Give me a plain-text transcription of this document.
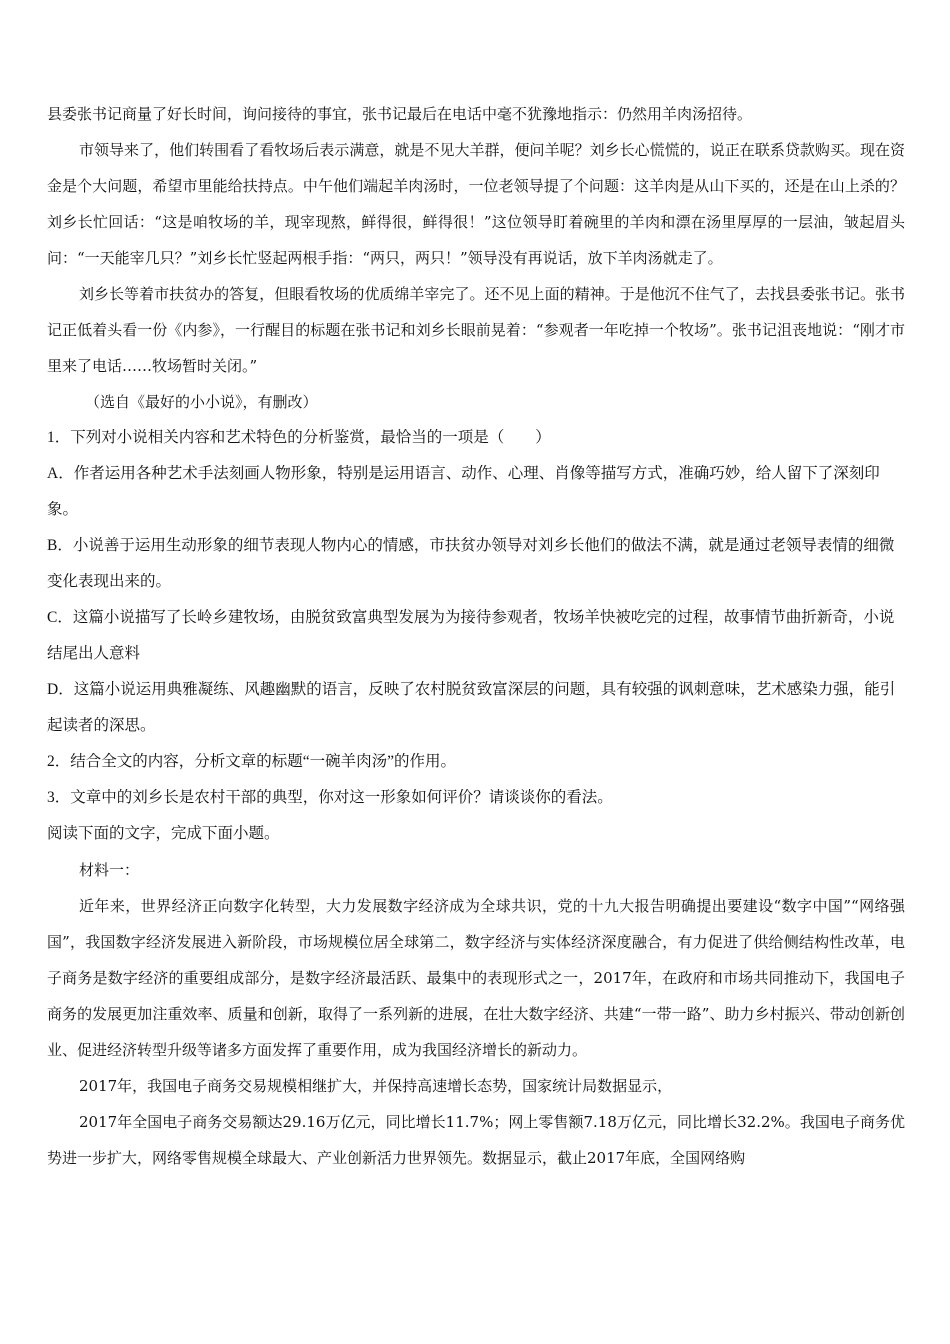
县委张书记商量了好长时间，询问接待的事宜，张书记最后在电话中毫不犹豫地指示：仍然用羊肉汤招待。

市领导来了，他们转围看了看牧场后表示满意，就是不见大羊群，便问羊呢？刘乡长心慌慌的，说正在联系贷款购买。现在资金是个大问题，希望市里能给扶持点。中午他们端起羊肉汤时，一位老领导提了个问题：这羊肉是从山下买的，还是在山上杀的？刘乡长忙回话：“这是咱牧场的羊，现宰现熬，鲜得很，鲜得很！”这位领导盯着碗里的羊肉和漂在汤里厚厚的一层油，皱起眉头问：“一天能宰几只？”刘乡长忙竖起两根手指：“两只，两只！”领导没有再说话，放下羊肉汤就走了。

刘乡长等着市扶贫办的答复，但眼看牧场的优质绵羊宰完了。还不见上面的精神。于是他沉不住气了，去找县委张书记。张书记正低着头看一份《内参》，一行醒目的标题在张书记和刘乡长眼前晃着：“参观者一年吃掉一个牧场”。张书记沮丧地说：“刚才市里来了电话……牧场暂时关闭。”

（选自《最好的小小说》，有删改）

1．下列对小说相关内容和艺术特色的分析鉴赏，最恰当的一项是（　　）

A．作者运用各种艺术手法刻画人物形象，特别是运用语言、动作、心理、肖像等描写方式，准确巧妙，给人留下了深刻印象。

B．小说善于运用生动形象的细节表现人物内心的情感，市扶贫办领导对刘乡长他们的做法不满，就是通过老领导表情的细微变化表现出来的。

C．这篇小说描写了长岭乡建牧场，由脱贫致富典型发展为为接待参观者，牧场羊快被吃完的过程，故事情节曲折新奇，小说结尾出人意料

D．这篇小说运用典雅凝练、风趣幽默的语言，反映了农村脱贫致富深层的问题，具有较强的讽刺意味，艺术感染力强，能引起读者的深思。

2．结合全文的内容，分析文章的标题“一碗羊肉汤”的作用。

3．文章中的刘乡长是农村干部的典型，你对这一形象如何评价？请谈谈你的看法。

阅读下面的文字，完成下面小题。

材料一：

近年来，世界经济正向数字化转型，大力发展数字经济成为全球共识，党的十九大报告明确提出要建设“数字中国”“网络强国”，我国数字经济发展进入新阶段，市场规模位居全球第二，数字经济与实体经济深度融合，有力促进了供给侧结构性改革，电子商务是数字经济的重要组成部分，是数字经济最活跃、最集中的表现形式之一，2017年，在政府和市场共同推动下，我国电子商务的发展更加注重效率、质量和创新，取得了一系列新的进展，在壮大数字经济、共建“一带一路”、助力乡村振兴、带动创新创业、促进经济转型升级等诸多方面发挥了重要作用，成为我国经济增长的新动力。

2017年，我国电子商务交易规模相继扩大，并保持高速增长态势，国家统计局数据显示，

2017年全国电子商务交易额达29.16万亿元，同比增长11.7%；网上零售额7.18万亿元，同比增长32.2%。我国电子商务优势进一步扩大，网络零售规模全球最大、产业创新活力世界领先。数据显示，截止2017年底，全国网络购
